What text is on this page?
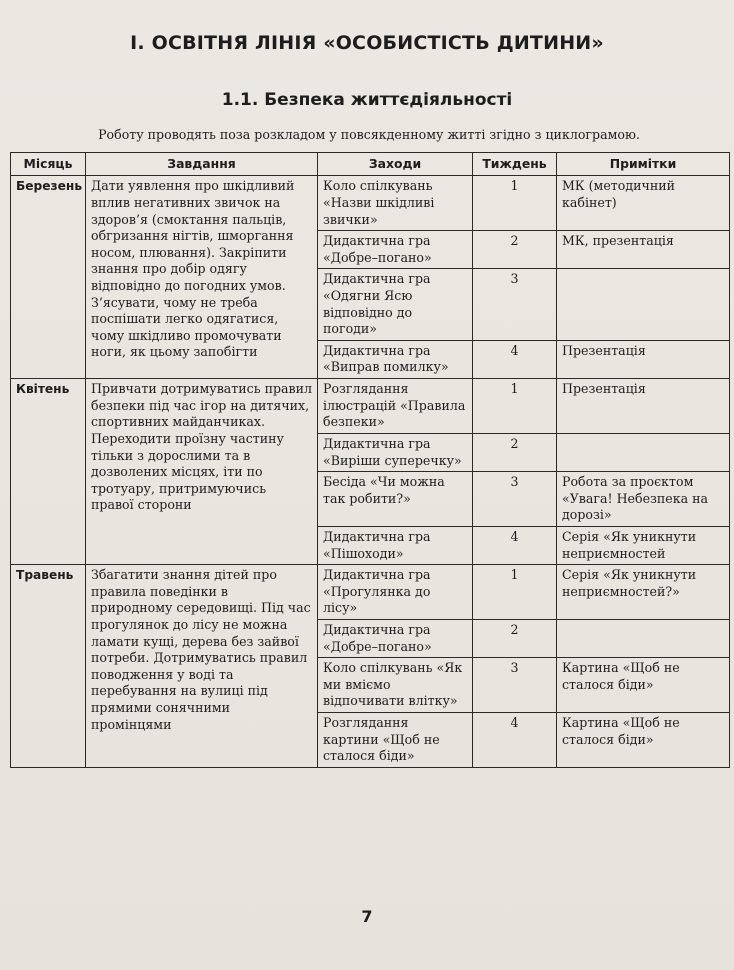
І. ОСВІТНЯ ЛІНІЯ «ОСОБИСТІСТЬ ДИТИНИ»
1.1. Безпека життєдіяльності
Роботу проводять поза розкладом у повсякденному житті згідно з циклограмою.
Місяць	Завдання	Заходи	Тиждень	Примітки
Березень	Дати уявлення про шкідливий вплив негативних звичок на здоров’я (смоктання пальців, обгризання нігтів, шморгання носом, плювання). Закріпити знання про добір одягу відповідно до погодних умов. З’ясувати, чому не треба поспішати легко одягатися, чому шкідливо промочувати ноги, як цьому запобігти	Коло спілкувань «Назви шкідливі звички»	1	МК (методичний кабінет)
		Дидактична гра «Добре–погано»	2	МК, презентація
		Дидактична гра «Одягни Ясю відповідно до погоди»	3	
		Дидактична гра «Виправ помилку»	4	Презентація
Квітень	Привчати дотримуватись правил безпеки під час ігор на дитячих, спортивних майданчиках. Переходити проїзну частину тільки з дорослими та в дозволених місцях, іти по тротуару, притримуючись правої сторони	Розглядання ілюстрацій «Правила безпеки»	1	Презентація
		Дидактична гра «Виріши суперечку»	2	
		Бесіда «Чи можна так робити?»	3	Робота за проєктом «Увага! Небезпека на дорозі»
		Дидактична гра «Пішоходи»	4	Серія «Як уникнути неприємностей
Травень	Збагатити знання дітей про правила поведінки в природному середовищі. Під час прогулянок до лісу не можна ламати кущі, дерева без зайвої потреби. Дотримуватись правил поводження у воді та перебування на вулиці під прямими сонячними промінцями	Дидактична гра «Прогулянка до лісу»	1	Серія «Як уникнути неприємностей?»
		Дидактична гра «Добре–погано»	2	
		Коло спілкувань «Як ми вміємо відпочивати влітку»	3	Картина «Щоб не сталося біди»
		Розглядання картини «Щоб не сталося біди»	4	Картина «Щоб не сталося біди»
7
